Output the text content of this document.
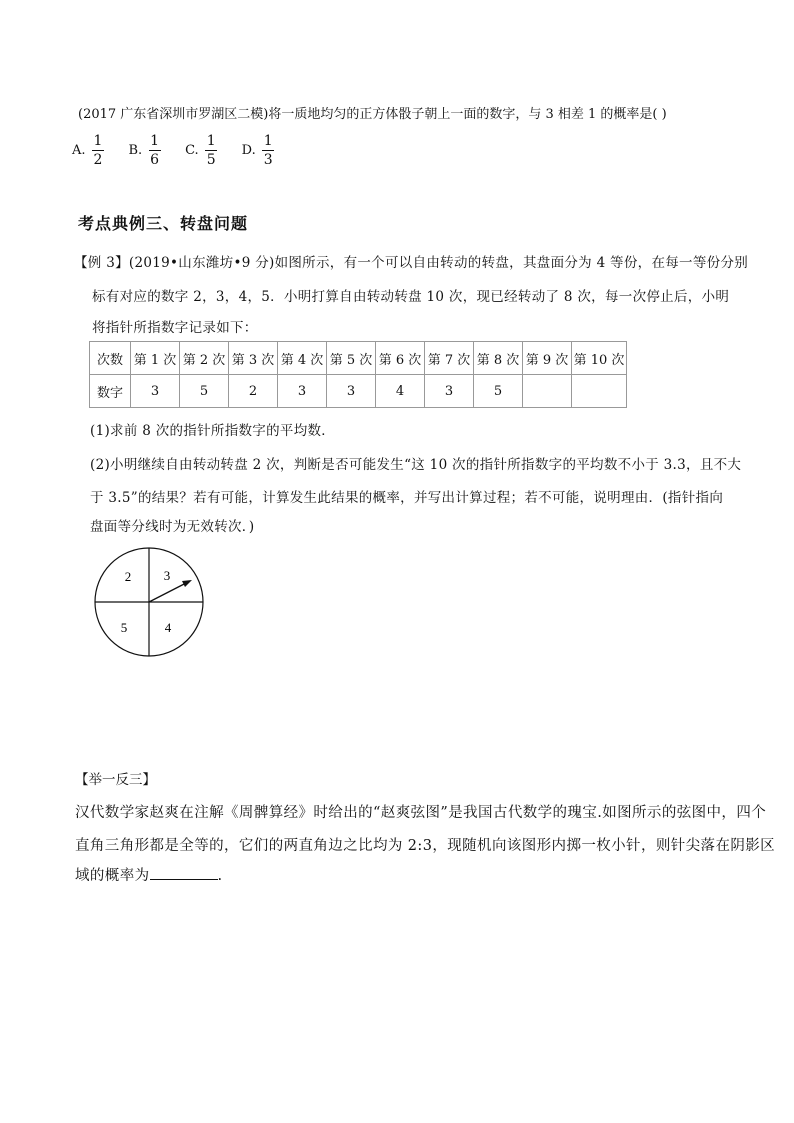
(2017 广东省深圳市罗湖区二模)将一质地均匀的正方体骰子朝上一面的数字，与 3 相差 1 的概率是( )
A. $\frac{1}{2} B$. $\frac{1}{6} C$. $\frac{1}{5} D$. $\frac{1}{3}$
考点典例三、转盘问题
【例 3】(2019•山东潍坊•9 分)如图所示，有一个可以自由转动的转盘，其盘面分为 4 等份，在每一等份分别
标有对应的数字 2，3，4，5．小明打算自由转动转盘 10 次，现已经转动了 8 次，每一次停止后，小明
将指针所指数字记录如下：
次数	第 1 次	第 2 次	第 3 次	第 4 次	第 5 次	第 6 次	第 7 次	第 8 次	第 9 次	第 10 次
数字	3	5	2	3	3	4	3	5		
(1)求前 8 次的指针所指数字的平均数．
(2)小明继续自由转动转盘 2 次，判断是否可能发生“这 10 次的指针所指数字的平均数不小于 3.3，且不大
于 3.5”的结果？若有可能，计算发生此结果的概率，并写出计算过程；若不可能，说明理由．(指针指向
盘面等分线时为无效转次．)
2	3
5	4
【举一反三】
汉代数学家赵爽在注解《周髀算经》时给出的“赵爽弦图”是我国古代数学的瑰宝.如图所示的弦图中，四个
直角三角形都是全等的，它们的两直角边之比均为 2:3，现随机向该图形内掷一枚小针，则针尖落在阴影区
域的概率为	.
